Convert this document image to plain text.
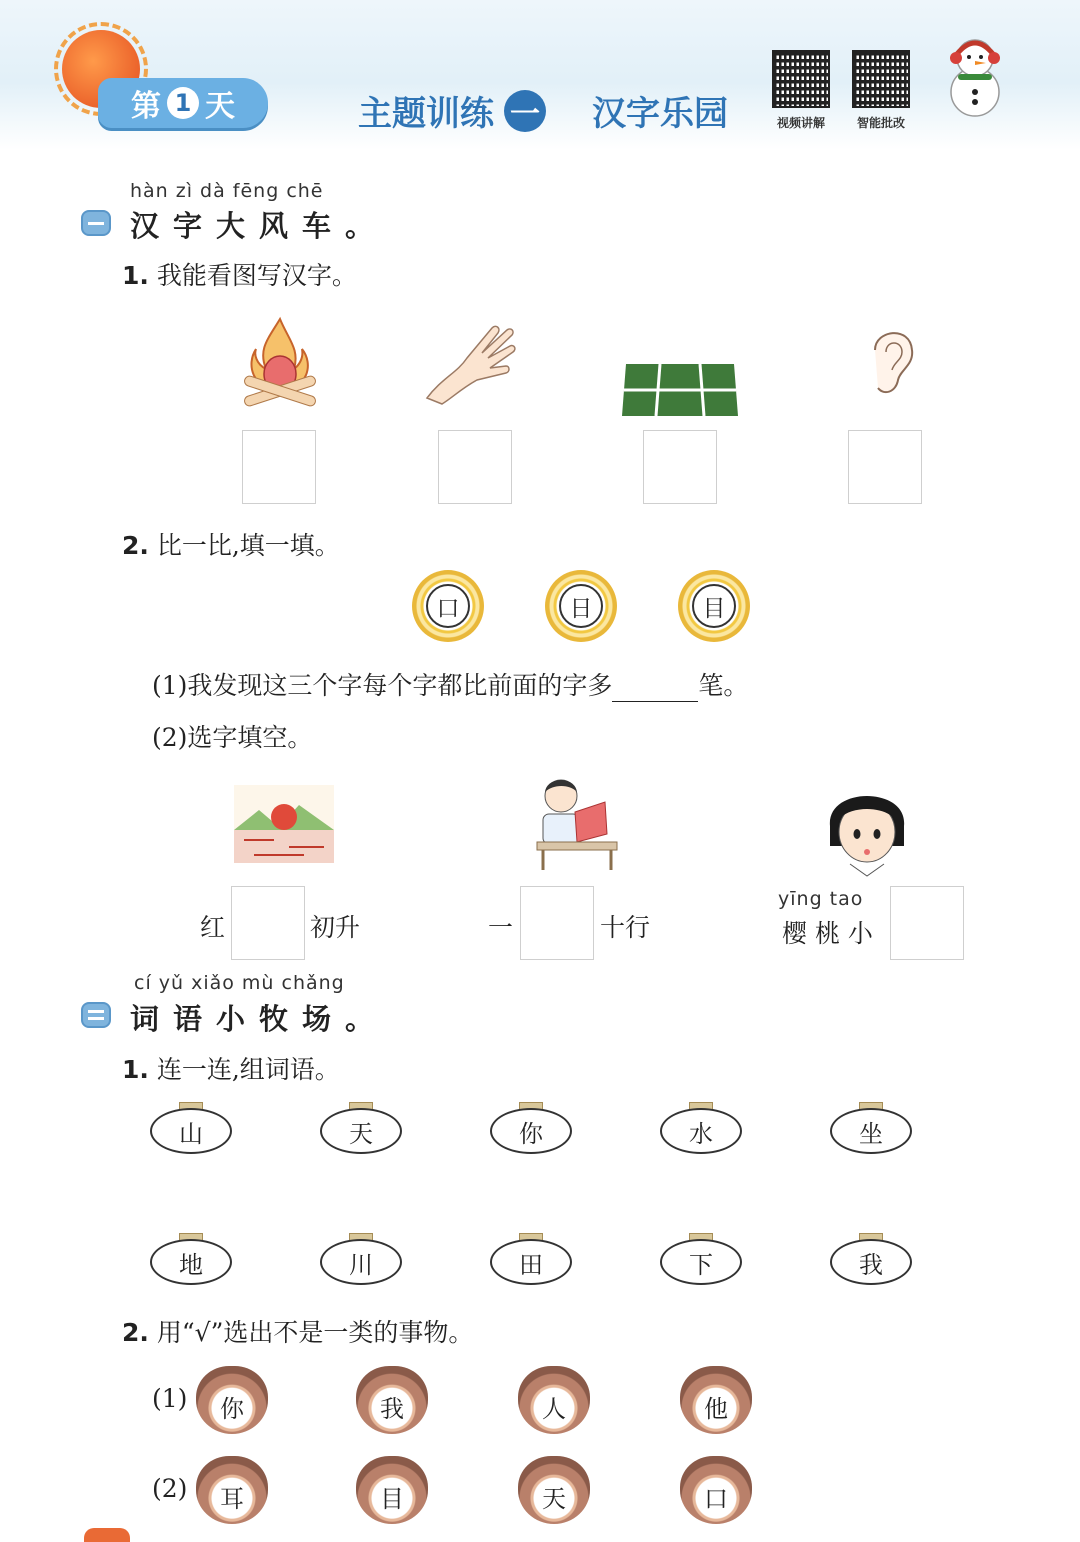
第 1 天	主题训练 一 汉字乐园	视频讲解	智能批改
hàn zì dà fēng chē
汉字大风车。
1. 我能看图写汉字。
2. 比一比,填一填。
口	日	目
(1)我发现这三个字每个字都比前面的字多	笔。
(2)选字填空。
红	初升	一	十行
yīng tao
樱 桃 小
cí yǔ xiǎo mù chǎng
词语小牧场。
1. 连一连,组词语。
山	天	你	水	坐
地	川	田	下	我
2. 用“√”选出不是一类的事物。
(1)	你	我	人	他
(2)	耳	目	天	口
